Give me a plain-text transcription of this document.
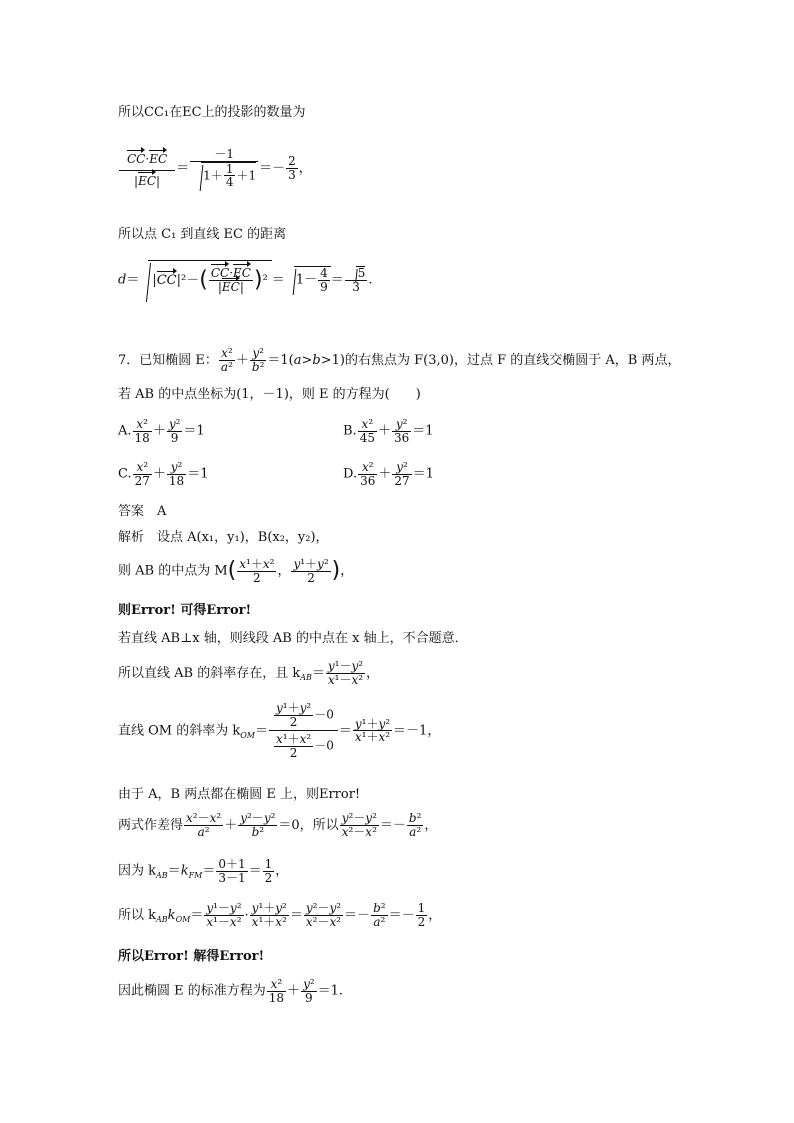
所以CC₁在EC上的投影的数量为
$\frac{CC\cdot EC}{|EC|} = \frac{-1}{1+ \frac{1}{4} +1} =- \frac{2}{3}$ ，
所以点 C₁ 到直线 EC 的距离
$d= |CC|^2-( \frac{CC\cdot EC}{|EC|} )^2 = 1- \frac{4}{9} = \frac{5}{3}$ .
7．已知椭圆 E： $\frac{\text{x²}}{\text{a²}} + \frac{\text{y²}}{\text{b²}} =1(a>b>1)$的右焦点为 F(3,0)，过点 F 的直线交椭圆于 A，B 两点，
若 AB 的中点坐标为(1，－1)，则 E 的方程为(　　)
A. $\frac{\text{x²}}{18} + \frac{\text{y²}}{9} =1$	B. $\frac{\text{x²}}{45} + \frac{\text{y²}}{36} =1$
C. $\frac{\text{x²}}{27} + \frac{\text{y²}}{18} =1$	D. $\frac{\text{x²}}{36} + \frac{\text{y²}}{27} =1$
答案　A
解析　设点 A(x₁，y₁)，B(x₂，y₂)，
则 AB 的中点为 $M( \frac{\text{x¹＋x²}}{2}$ ， $\frac{\text{y¹＋y²}}{2}$ )，
则Error! 可得Error!
若直线 AB⊥x 轴，则线段 AB 的中点在 x 轴上，不合题意．
所以直线 AB 的斜率存在，且 $k_{AB}= \frac{\text{y¹－y²}}{\text{x¹－x²}}$ ，
直线 OM 的斜率为 $k_{OM}= \frac{\frac{\text{y¹＋y²}}{2} -0}{\frac{\text{x¹＋x²}}{2} -0} = \frac{\text{y¹＋y²}}{\text{x¹＋x²}} =-1$，
由于 A，B 两点都在椭圆 E 上，则Error!
两式作差得 $\frac{\text{x²－x²}}{\text{a²}} + \frac{\text{y²－y²}}{\text{b²}} =0$，所以 $\frac{\text{y²－y²}}{\text{x²－x²}} =- \frac{\text{b²}}{\text{a²}}$ ，
因为 $k_{AB}=k_{FM}= \frac{0+1}{3-1} = \frac{1}{2}$ ，
所以 $k_{AB}k_{OM}= \frac{\text{y¹－y²}}{\text{x¹－x²}} \cdot \frac{\text{y¹＋y²}}{\text{x¹＋x²}} = \frac{\text{y²－y²}}{\text{x²－x²}} =- \frac{\text{b²}}{\text{a²}} =- \frac{1}{2}$ ，
所以Error! 解得Error!
因此椭圆 E 的标准方程为 $\frac{\text{x²}}{18} + \frac{\text{y²}}{9} =1$.
